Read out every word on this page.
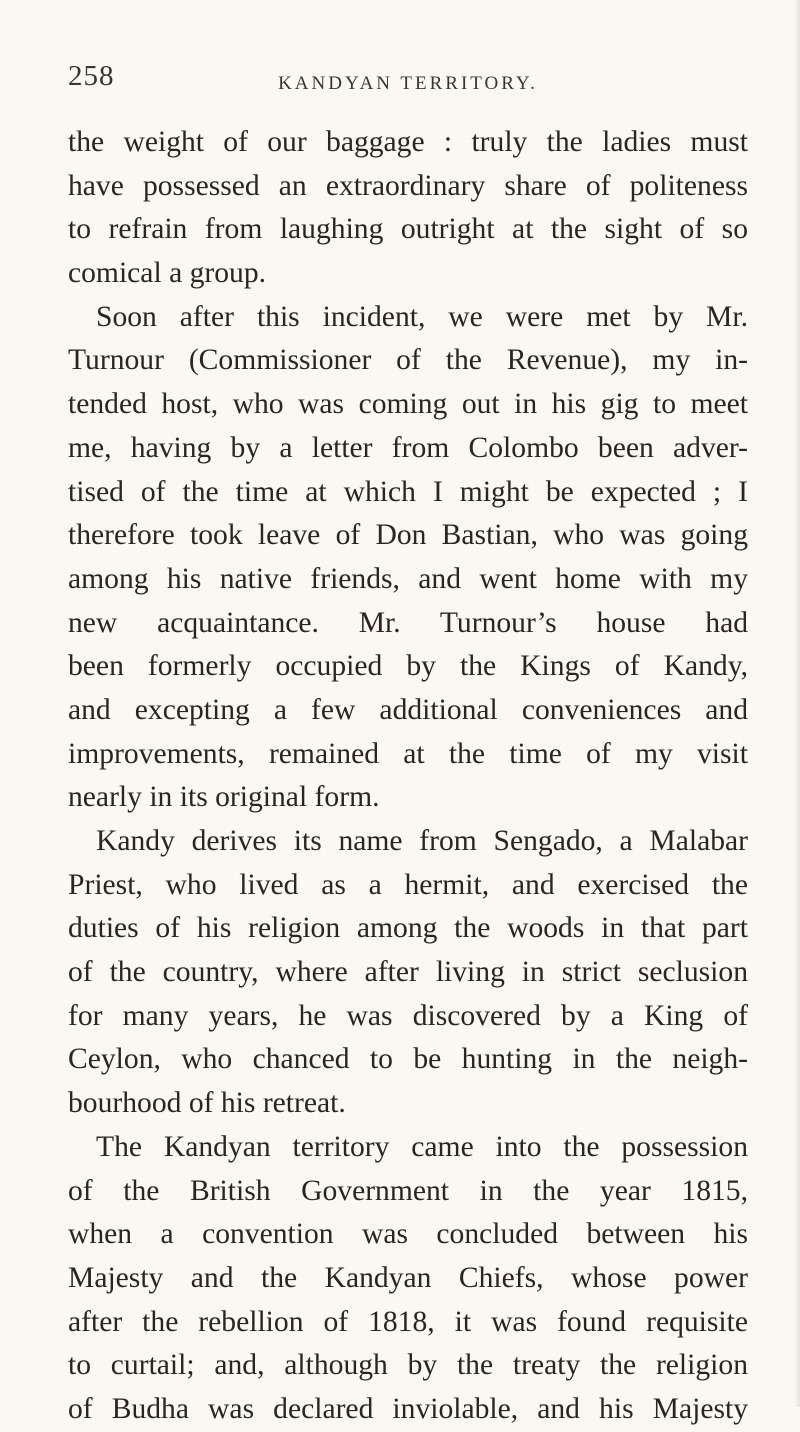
258	KANDYAN TERRITORY.
the weight of our baggage : truly the ladies must
have possessed an extraordinary share of politeness
to refrain from laughing outright at the sight of so
comical a group.
Soon after this incident, we were met by Mr.
Turnour (Commissioner of the Revenue), my in-
tended host, who was coming out in his gig to meet
me, having by a letter from Colombo been adver-
tised of the time at which I might be expected ; I
therefore took leave of Don Bastian, who was going
among his native friends, and went home with my
new acquaintance. Mr. Turnour’s house had
been formerly occupied by the Kings of Kandy,
and excepting a few additional conveniences and
improvements, remained at the time of my visit
nearly in its original form.
Kandy derives its name from Sengado, a Malabar
Priest, who lived as a hermit, and exercised the
duties of his religion among the woods in that part
of the country, where after living in strict seclusion
for many years, he was discovered by a King of
Ceylon, who chanced to be hunting in the neigh-
bourhood of his retreat.
The Kandyan territory came into the possession
of the British Government in the year 1815,
when a convention was concluded between his
Majesty and the Kandyan Chiefs, whose power
after the rebellion of 1818, it was found requisite
to curtail; and, although by the treaty the religion
of Budha was declared inviolable, and his Majesty
